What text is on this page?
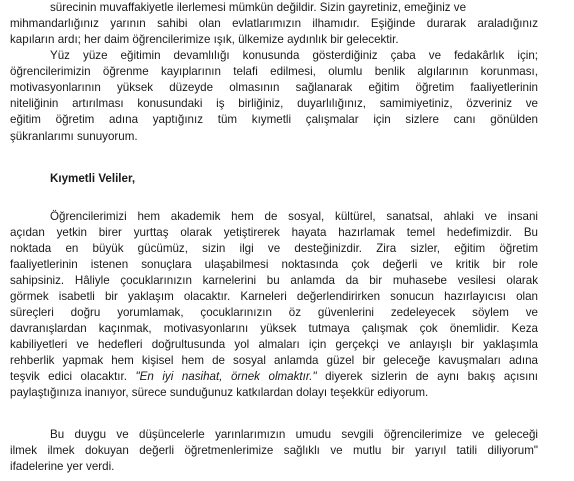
sürecinin muvaffakiyetle ilerlemesi mümkün değildir. Sizin gayretiniz, emeğiniz ve
mihmandarlığınız yarının sahibi olan evlatlarımızın ilhamıdır. Eşiğinde durarak araladığınız
kapıların ardı; her daim öğrencilerimize ışık, ülkemize aydınlık bir gelecektir.
Yüz yüze eğitimin devamlılığı konusunda gösterdiğiniz çaba ve fedakârlık için;
öğrencilerimizin öğrenme kayıplarının telafi edilmesi, olumlu benlik algılarının korunması,
motivasyonlarının yüksek düzeyde olmasının sağlanarak eğitim öğretim faaliyetlerinin
niteliğinin artırılması konusundaki iş birliğiniz, duyarlılığınız, samimiyetiniz, özveriniz ve
eğitim öğretim adına yaptığınız tüm kıymetli çalışmalar için sizlere canı gönülden
şükranlarımı sunuyorum.
Kıymetli Veliler,
Öğrencilerimizi hem akademik hem de sosyal, kültürel, sanatsal, ahlaki ve insani
açıdan yetkin birer yurttaş olarak yetiştirerek hayata hazırlamak temel hedefimizdir. Bu
noktada en büyük gücümüz, sizin ilgi ve desteğinizdir. Zira sizler, eğitim öğretim
faaliyetlerinin istenen sonuçlara ulaşabilmesi noktasında çok değerli ve kritik bir role
sahipsiniz. Hâliyle çocuklarınızın karnelerini bu anlamda da bir muhasebe vesilesi olarak
görmek isabetli bir yaklaşım olacaktır. Karneleri değerlendirirken sonucun hazırlayıcısı olan
süreçleri doğru yorumlamak, çocuklarınızın öz güvenlerini zedeleyecek söylem ve
davranışlardan kaçınmak, motivasyonlarını yüksek tutmaya çalışmak çok önemlidir. Keza
kabiliyetleri ve hedefleri doğrultusunda yol almaları için gerçekçi ve anlayışlı bir yaklaşımla
rehberlik yapmak hem kişisel hem de sosyal anlamda güzel bir geleceğe kavuşmaları adına
teşvik edici olacaktır. "En iyi nasihat, örnek olmaktır." diyerek sizlerin de aynı bakış açısını
paylaştığınıza inanıyor, sürece sunduğunuz katkılardan dolayı teşekkür ediyorum.
Bu duygu ve düşüncelerle yarınlarımızın umudu sevgili öğrencilerimize ve geleceği
ilmek ilmek dokuyan değerli öğretmenlerimize sağlıklı ve mutlu bir yarıyıl tatili diliyorum"
ifadelerine yer verdi.
